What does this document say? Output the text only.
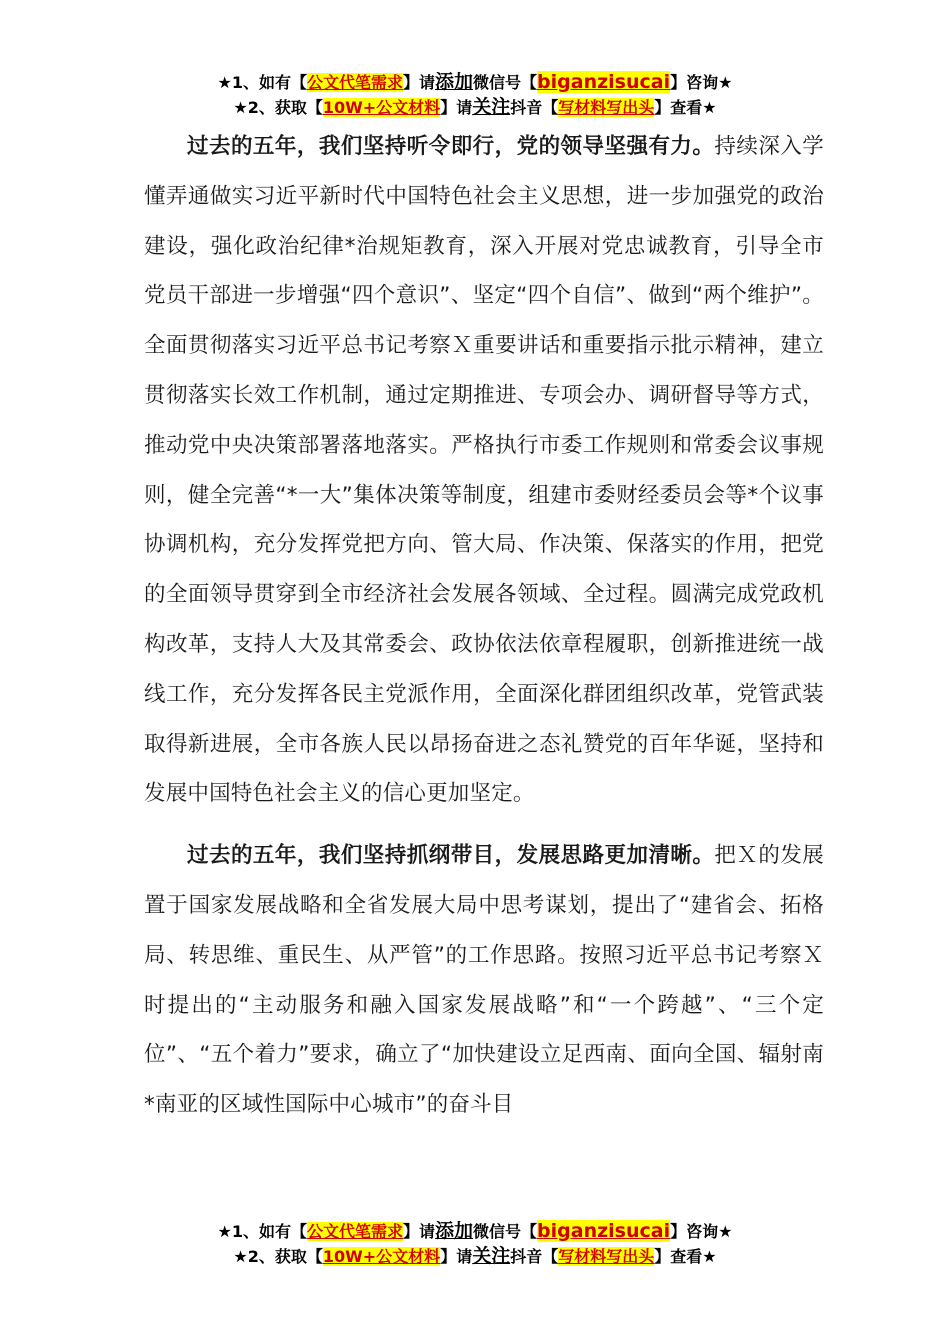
★1、如有【公文代笔需求】请添加微信号【biganzisucai】咨询★
★2、获取【10W+公文材料】请关注抖音【写材料写出头】查看★

过去的五年，我们坚持听令即行，党的领导坚强有力。持续深入学懂弄通做实习近平新时代中国特色社会主义思想，进一步加强党的政治建设，强化政治纪律*治规矩教育，深入开展对党忠诚教育，引导全市党员干部进一步增强“四个意识”、坚定“四个自信”、做到“两个维护”。全面贯彻落实习近平总书记考察Ｘ重要讲话和重要指示批示精神，建立贯彻落实长效工作机制，通过定期推进、专项会办、调研督导等方式，推动党中央决策部署落地落实。严格执行市委工作规则和常委会议事规则，健全完善“*一大”集体决策等制度，组建市委财经委员会等*个议事协调机构，充分发挥党把方向、管大局、作决策、保落实的作用，把党的全面领导贯穿到全市经济社会发展各领域、全过程。圆满完成党政机构改革，支持人大及其常委会、政协依法依章程履职，创新推进统一战线工作，充分发挥各民主党派作用，全面深化群团组织改革，党管武装取得新进展，全市各族人民以昂扬奋进之态礼赞党的百年华诞，坚持和发展中国特色社会主义的信心更加坚定。

过去的五年，我们坚持抓纲带目，发展思路更加清晰。把Ｘ的发展置于国家发展战略和全省发展大局中思考谋划，提出了“建省会、拓格局、转思维、重民生、从严管”的工作思路。按照习近平总书记考察Ｘ时提出的“主动服务和融入国家发展战略”和“一个跨越”、“三个定位”、“五个着力”要求，确立了“加快建设立足西南、面向全国、辐射南*南亚的区域性国际中心城市”的奋斗目

★1、如有【公文代笔需求】请添加微信号【biganzisucai】咨询★
★2、获取【10W+公文材料】请关注抖音【写材料写出头】查看★
